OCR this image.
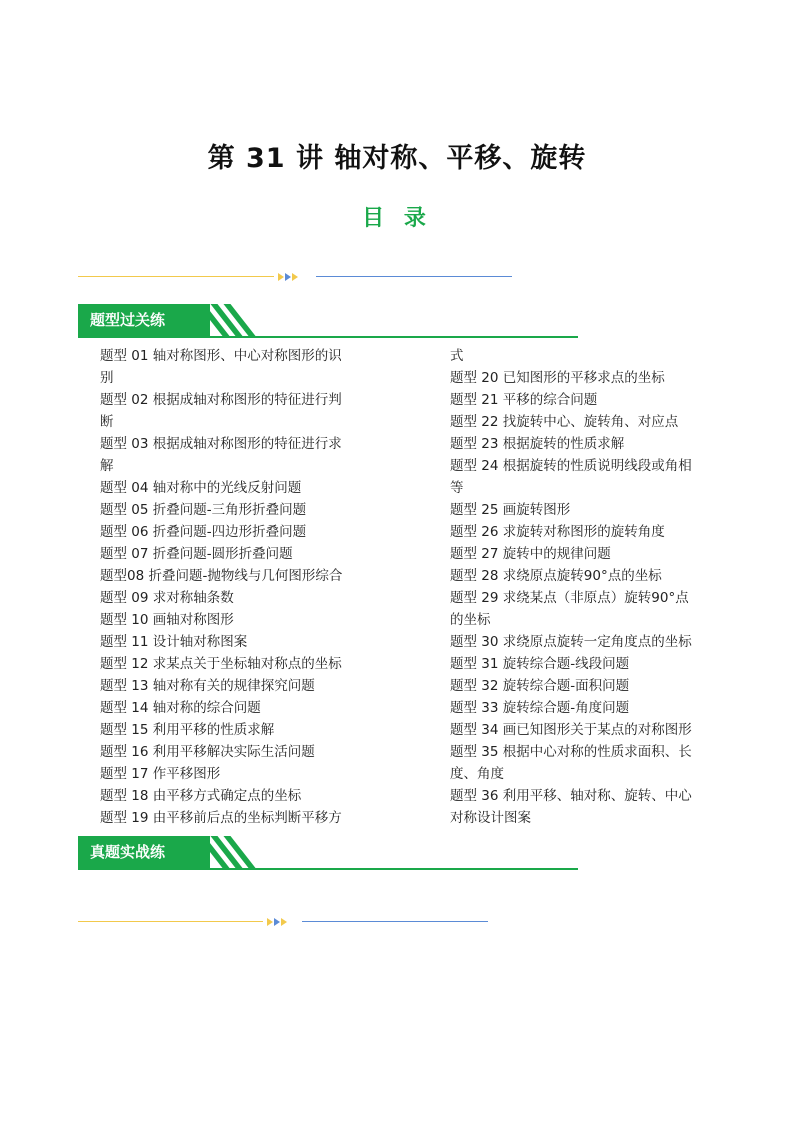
第 31 讲 轴对称、平移、旋转
目 录
题型过关练
题型 01 轴对称图形、中心对称图形的识
别
题型 02 根据成轴对称图形的特征进行判
断
题型 03 根据成轴对称图形的特征进行求
解
题型 04 轴对称中的光线反射问题
题型 05 折叠问题-三角形折叠问题
题型 06 折叠问题-四边形折叠问题
题型 07 折叠问题-圆形折叠问题
题型08 折叠问题-抛物线与几何图形综合
题型 09 求对称轴条数
题型 10 画轴对称图形
题型 11 设计轴对称图案
题型 12 求某点关于坐标轴对称点的坐标
题型 13 轴对称有关的规律探究问题
题型 14 轴对称的综合问题
题型 15 利用平移的性质求解
题型 16 利用平移解决实际生活问题
题型 17 作平移图形
题型 18 由平移方式确定点的坐标
题型 19 由平移前后点的坐标判断平移方
式
题型 20 已知图形的平移求点的坐标
题型 21 平移的综合问题
题型 22 找旋转中心、旋转角、对应点
题型 23 根据旋转的性质求解
题型 24 根据旋转的性质说明线段或角相
等
题型 25 画旋转图形
题型 26 求旋转对称图形的旋转角度
题型 27 旋转中的规律问题
题型 28 求绕原点旋转90°点的坐标
题型 29 求绕某点（非原点）旋转90°点
的坐标
题型 30 求绕原点旋转一定角度点的坐标
题型 31 旋转综合题-线段问题
题型 32 旋转综合题-面积问题
题型 33 旋转综合题-角度问题
题型 34 画已知图形关于某点的对称图形
题型 35 根据中心对称的性质求面积、长
度、角度
题型 36 利用平移、轴对称、旋转、中心
对称设计图案
真题实战练
